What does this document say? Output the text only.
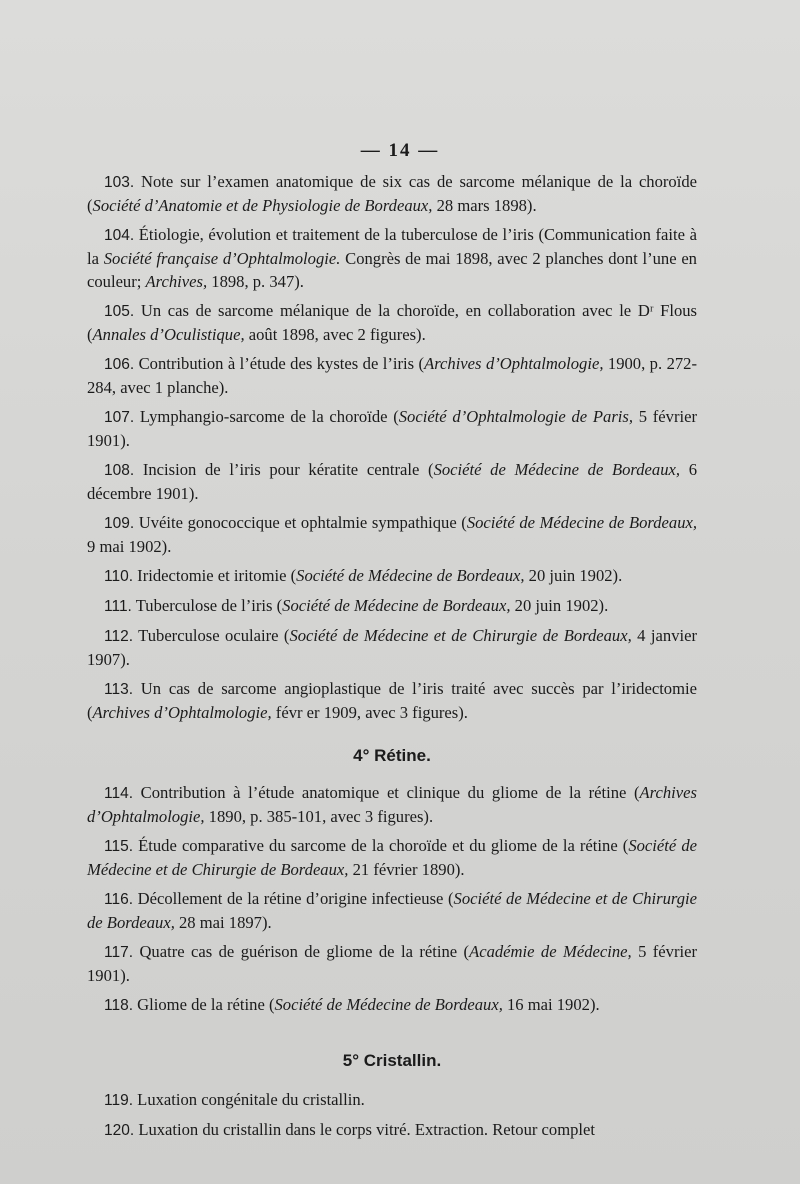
— 14 —

103. Note sur l’examen anatomique de six cas de sarcome mélanique de la choroïde (Société d’Anatomie et de Physiologie de Bordeaux, 28 mars 1898).

104. Étiologie, évolution et traitement de la tuberculose de l’iris (Communication faite à la Société française d’Ophtalmologie. Congrès de mai 1898, avec 2 planches dont l’une en couleur; Archives, 1898, p. 347).

105. Un cas de sarcome mélanique de la choroïde, en collaboration avec le Dʳ Flous (Annales d’Oculistique, août 1898, avec 2 figures).

106. Contribution à l’étude des kystes de l’iris (Archives d’Ophtalmologie, 1900, p. 272-284, avec 1 planche).

107. Lymphangio-sarcome de la choroïde (Société d’Ophtalmologie de Paris, 5 février 1901).

108. Incision de l’iris pour kératite centrale (Société de Médecine de Bordeaux, 6 décembre 1901).

109. Uvéite gonococcique et ophtalmie sympathique (Société de Médecine de Bordeaux, 9 mai 1902).

110. Iridectomie et iritomie (Société de Médecine de Bordeaux, 20 juin 1902).

111. Tuberculose de l’iris (Société de Médecine de Bordeaux, 20 juin 1902).

112. Tuberculose oculaire (Société de Médecine et de Chirurgie de Bordeaux, 4 janvier 1907).

113. Un cas de sarcome angioplastique de l’iris traité avec succès par l’iridectomie (Archives d’Ophtalmologie, févr er 1909, avec 3 figures).

4° Rétine.

114. Contribution à l’étude anatomique et clinique du gliome de la rétine (Archives d’Ophtalmologie, 1890, p. 385-101, avec 3 figures).

115. Étude comparative du sarcome de la choroïde et du gliome de la rétine (Société de Médecine et de Chirurgie de Bordeaux, 21 février 1890).

116. Décollement de la rétine d’origine infectieuse (Société de Médecine et de Chirurgie de Bordeaux, 28 mai 1897).

117. Quatre cas de guérison de gliome de la rétine (Académie de Médecine, 5 février 1901).

118. Gliome de la rétine (Société de Médecine de Bordeaux, 16 mai 1902).

5° Cristallin.

119. Luxation congénitale du cristallin.

120. Luxation du cristallin dans le corps vitré. Extraction. Retour complet
